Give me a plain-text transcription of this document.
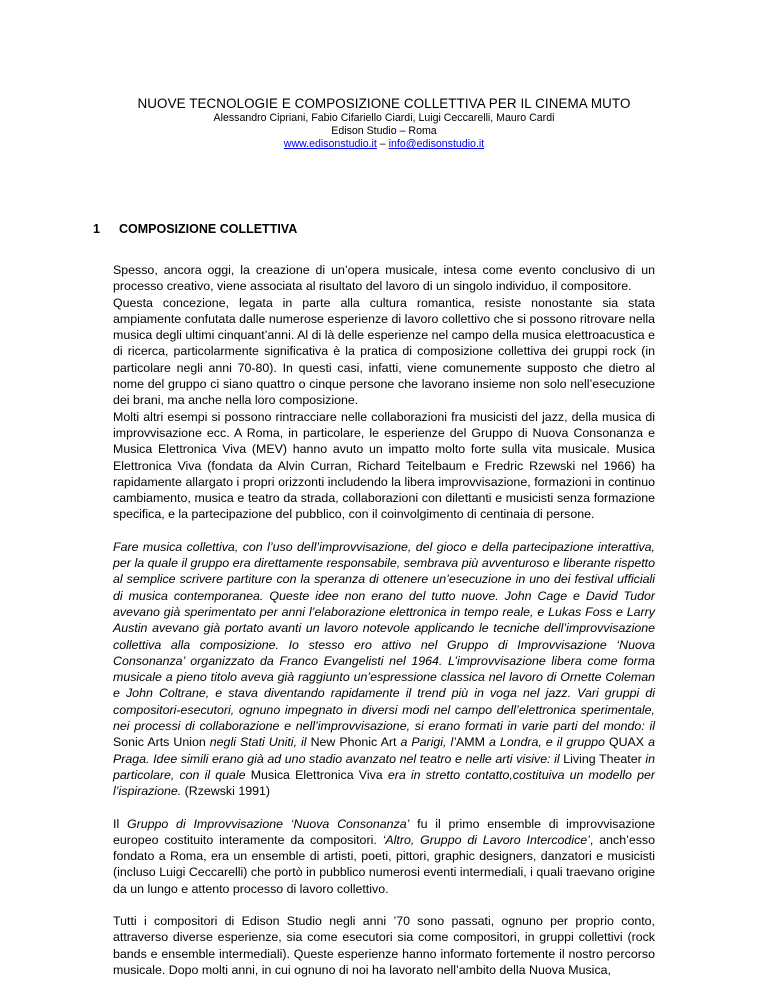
NUOVE TECNOLOGIE E COMPOSIZIONE COLLETTIVA PER IL CINEMA MUTO

Alessandro Cipriani, Fabio Cifariello Ciardi, Luigi Ceccarelli, Mauro Cardi

Edison Studio – Roma

www.edisonstudio.it – info@edisonstudio.it

1 COMPOSIZIONE COLLETTIVA

Spesso, ancora oggi, la creazione di un’opera musicale, intesa come evento conclusivo di un processo creativo, viene associata al risultato del lavoro di un singolo individuo, il compositore.

Questa concezione, legata in parte alla cultura romantica, resiste nonostante sia stata ampiamente confutata dalle numerose esperienze di lavoro collettivo che si possono ritrovare nella musica degli ultimi cinquant’anni. Al di là delle esperienze nel campo della musica elettroacustica e di ricerca, particolarmente significativa è la pratica di composizione collettiva dei gruppi rock (in particolare negli anni 70-80). In questi casi, infatti, viene comunemente supposto che dietro al nome del gruppo ci siano quattro o cinque persone che lavorano insieme non solo nell’esecuzione dei brani, ma anche nella loro composizione.

Molti altri esempi si possono rintracciare nelle collaborazioni fra musicisti del jazz, della musica di improvvisazione ecc. A Roma, in particolare, le esperienze del Gruppo di Nuova Consonanza e Musica Elettronica Viva (MEV) hanno avuto un impatto molto forte sulla vita musicale. Musica Elettronica Viva (fondata da Alvin Curran, Richard Teitelbaum e Fredric Rzewski nel 1966) ha rapidamente allargato i propri orizzonti includendo la libera improvvisazione, formazioni in continuo cambiamento, musica e teatro da strada, collaborazioni con dilettanti e musicisti senza formazione specifica, e la partecipazione del pubblico, con il coinvolgimento di centinaia di persone.

Fare musica collettiva, con l’uso dell’improvvisazione, del gioco e della partecipazione interattiva, per la quale il gruppo era direttamente responsabile, sembrava più avventuroso e liberante rispetto al semplice scrivere partiture con la speranza di ottenere un’esecuzione in uno dei festival ufficiali di musica contemporanea. Queste idee non erano del tutto nuove. John Cage e David Tudor avevano già sperimentato per anni l’elaborazione elettronica in tempo reale, e Lukas Foss e Larry Austin avevano già portato avanti un lavoro notevole applicando le tecniche dell’improvvisazione collettiva alla composizione. Io stesso ero attivo nel Gruppo di Improvvisazione ‘Nuova Consonanza’ organizzato da Franco Evangelisti nel 1964. L’improvvisazione libera come forma musicale a pieno titolo aveva già raggiunto un’espressione classica nel lavoro di Ornette Coleman e John Coltrane, e stava diventando rapidamente il trend più in voga nel jazz. Vari gruppi di compositori-esecutori, ognuno impegnato in diversi modi nel campo dell’elettronica sperimentale, nei processi di collaborazione e nell’improvvisazione, si erano formati in varie parti del mondo: il Sonic Arts Union negli Stati Uniti, il New Phonic Art a Parigi, l’AMM a Londra, e il gruppo QUAX a Praga. Idee simili erano già ad uno stadio avanzato nel teatro e nelle arti visive: il Living Theater in particolare, con il quale Musica Elettronica Viva era in stretto contatto,costituiva un modello per l’ispirazione. (Rzewski 1991)

Il Gruppo di Improvvisazione ‘Nuova Consonanza’ fu il primo ensemble di improvvisazione europeo costituito interamente da compositori. ‘Altro, Gruppo di Lavoro Intercodice’, anch’esso fondato a Roma, era un ensemble di artisti, poeti, pittori, graphic designers, danzatori e musicisti (incluso Luigi Ceccarelli) che portò in pubblico numerosi eventi intermediali, i quali traevano origine da un lungo e attento processo di lavoro collettivo.

Tutti i compositori di Edison Studio negli anni ’70 sono passati, ognuno per proprio conto, attraverso diverse esperienze, sia come esecutori sia come compositori, in gruppi collettivi (rock bands e ensemble intermediali). Queste esperienze hanno informato fortemente il nostro percorso musicale. Dopo molti anni, in cui ognuno di noi ha lavorato nell’ambito della Nuova Musica,
